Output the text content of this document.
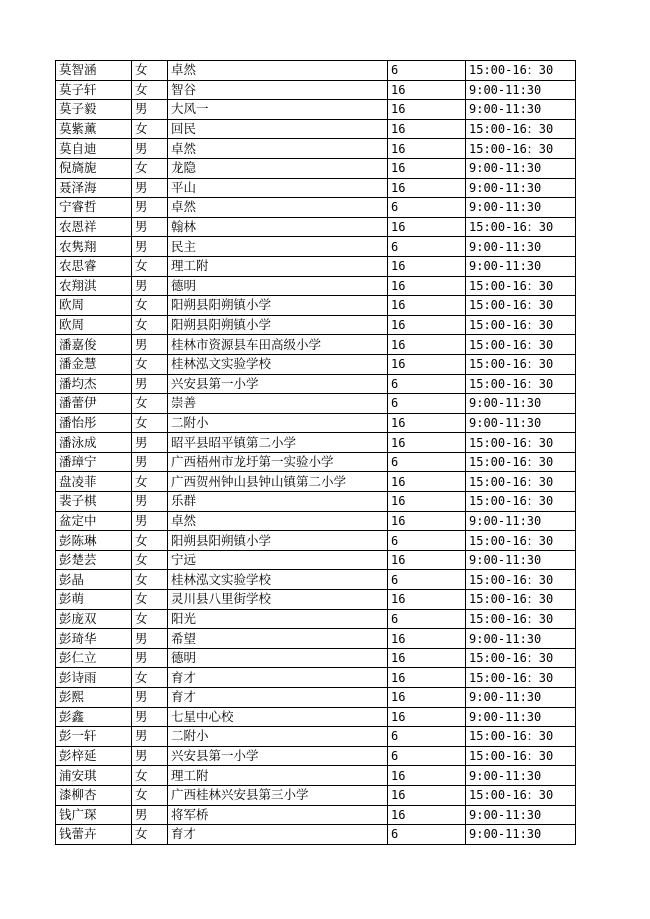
莫智涵	女	卓然	6	15:00-16：30
莫子轩	女	智谷	16	9:00-11:30
莫子毅	男	大风一	16	9:00-11:30
莫紫薰	女	回民	16	15:00-16：30
莫自迪	男	卓然	16	15:00-16：30
倪旖旎	女	龙隐	16	9:00-11:30
聂泽海	男	平山	16	9:00-11:30
宁睿哲	男	卓然	6	9:00-11:30
农恩祥	男	翰林	16	15:00-16：30
农隽翔	男	民主	6	9:00-11:30
农思睿	女	理工附	16	9:00-11:30
农翔淇	男	德明	16	15:00-16：30
欧周	女	阳朔县阳朔镇小学	16	15:00-16：30
欧周	女	阳朔县阳朔镇小学	16	15:00-16：30
潘嘉俊	男	桂林市资源县车田高级小学	16	15:00-16：30
潘金慧	女	桂林泓文实验学校	16	15:00-16：30
潘均杰	男	兴安县第一小学	6	15:00-16：30
潘蕾伊	女	崇善	6	9:00-11:30
潘怡彤	女	二附小	16	9:00-11:30
潘泳成	男	昭平县昭平镇第二小学	16	15:00-16：30
潘璋宁	男	广西梧州市龙圩第一实验小学	6	15:00-16：30
盘凌菲	女	广西贺州钟山县钟山镇第二小学	16	15:00-16：30
裴子棋	男	乐群	16	15:00-16：30
盆定中	男	卓然	16	9:00-11:30
彭陈琳	女	阳朔县阳朔镇小学	6	15:00-16：30
彭楚芸	女	宁远	16	9:00-11:30
彭晶	女	桂林泓文实验学校	6	15:00-16：30
彭萌	女	灵川县八里街学校	16	15:00-16：30
彭庞双	女	阳光	6	15:00-16：30
彭琦华	男	希望	16	9:00-11:30
彭仁立	男	德明	16	15:00-16：30
彭诗雨	女	育才	16	15:00-16：30
彭熙	男	育才	16	9:00-11:30
彭鑫	男	七星中心校	16	9:00-11:30
彭一轩	男	二附小	6	15:00-16：30
彭梓延	男	兴安县第一小学	6	15:00-16：30
浦安琪	女	理工附	16	9:00-11:30
漆柳杏	女	广西桂林兴安县第三小学	16	15:00-16：30
钱广琛	男	将军桥	16	9:00-11:30
钱蕾卉	女	育才	6	9:00-11:30
